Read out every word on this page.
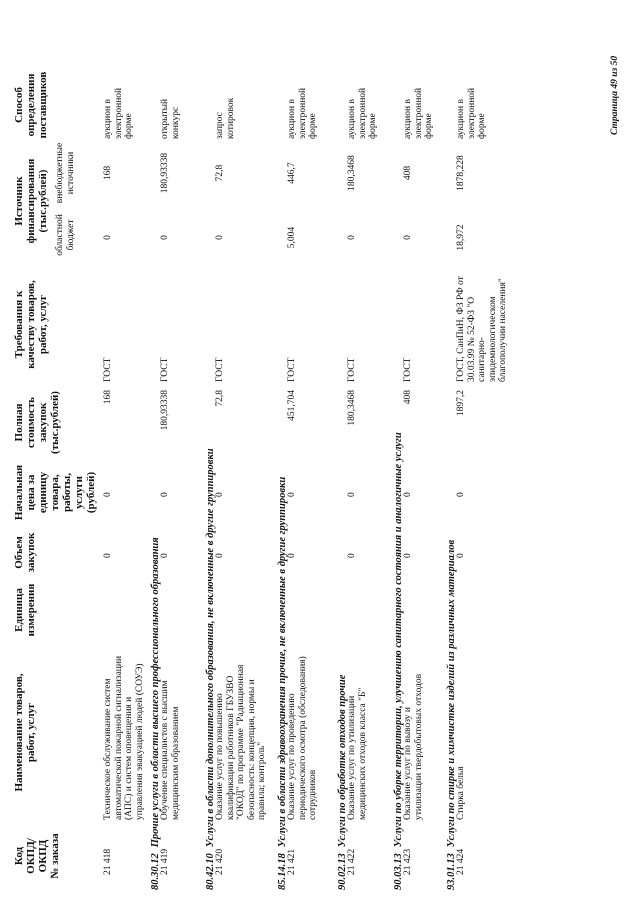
Код ОКПД/ ОКПД № заказа
Наименование товаров, работ, услуг
Единица измерения
Объем закупок
Начальная цена за единицу товара, работы, услуги (рублей)
Полная стоимость закупок (тыс.рублей)
Требования к качеству товаров, работ, услуг
Источник финансирования (тыс.рублей)
областной бюджет
внебюджетные источники
Способ определения поставщиков
21 418
Техническое обслуживание систем автоматической пожарной сигнализации (АПС) и систем оповещения и управления эвакуацией людей (СОУЭ)
0
0
168
ГОСТ
0
168
аукцион в электронной форме
80.30.12Прочие услуги в области высшего профессионального образования
21 419
Обучение специалистов с высшим медицинским образованием
0
0
180,93338
ГОСТ
0
180,93338
открытый конкурс
80.42.10Услуги в области дополнительного образования, не включенные в другие группировки
21 420
Оказание услуг по повышению квалификации работников ГБУЗВО "ОКОД" по программе "Радиационная безопасность: концепция, нормы и правила; контроль"
0
0
72,8
ГОСТ
0
72,8
запрос котировок
85.14.18Услуги в области здравоохранения прочие, не включенные в другие группировки
21 421
Оказание услуг по проведению периодического осмотра (обследования) сотрудников
0
0
451,704
ГОСТ
5,004
446,7
аукцион в электронной форме
90.02.13Услуги по обработке отходов прочие
21 422
Оказание услуг по утилизации медицинских отходов класса "Б"
0
0
180,3468
ГОСТ
0
180,3468
аукцион в электронной форме
90.03.13Услуги по уборке территории, улучшению санитарного состояния и аналогичные услуги
21 423
Оказание услуг по вывозу и утилизации твердобытовых отходов
0
0
408
ГОСТ
0
408
аукцион в электронной форме
93.01.13Услуги по стирке и химчистке изделий из различных материалов
21 424
Стирка белья
0
0
1897,2
ГОСТ, СанПиН, ФЗ РФ от 30.03.99 № 52-ФЗ "О санитарно- эпидемиологическом благополучии населения"
18,972
1878,228
аукцион в электронной форме	Страница 49 из 50
